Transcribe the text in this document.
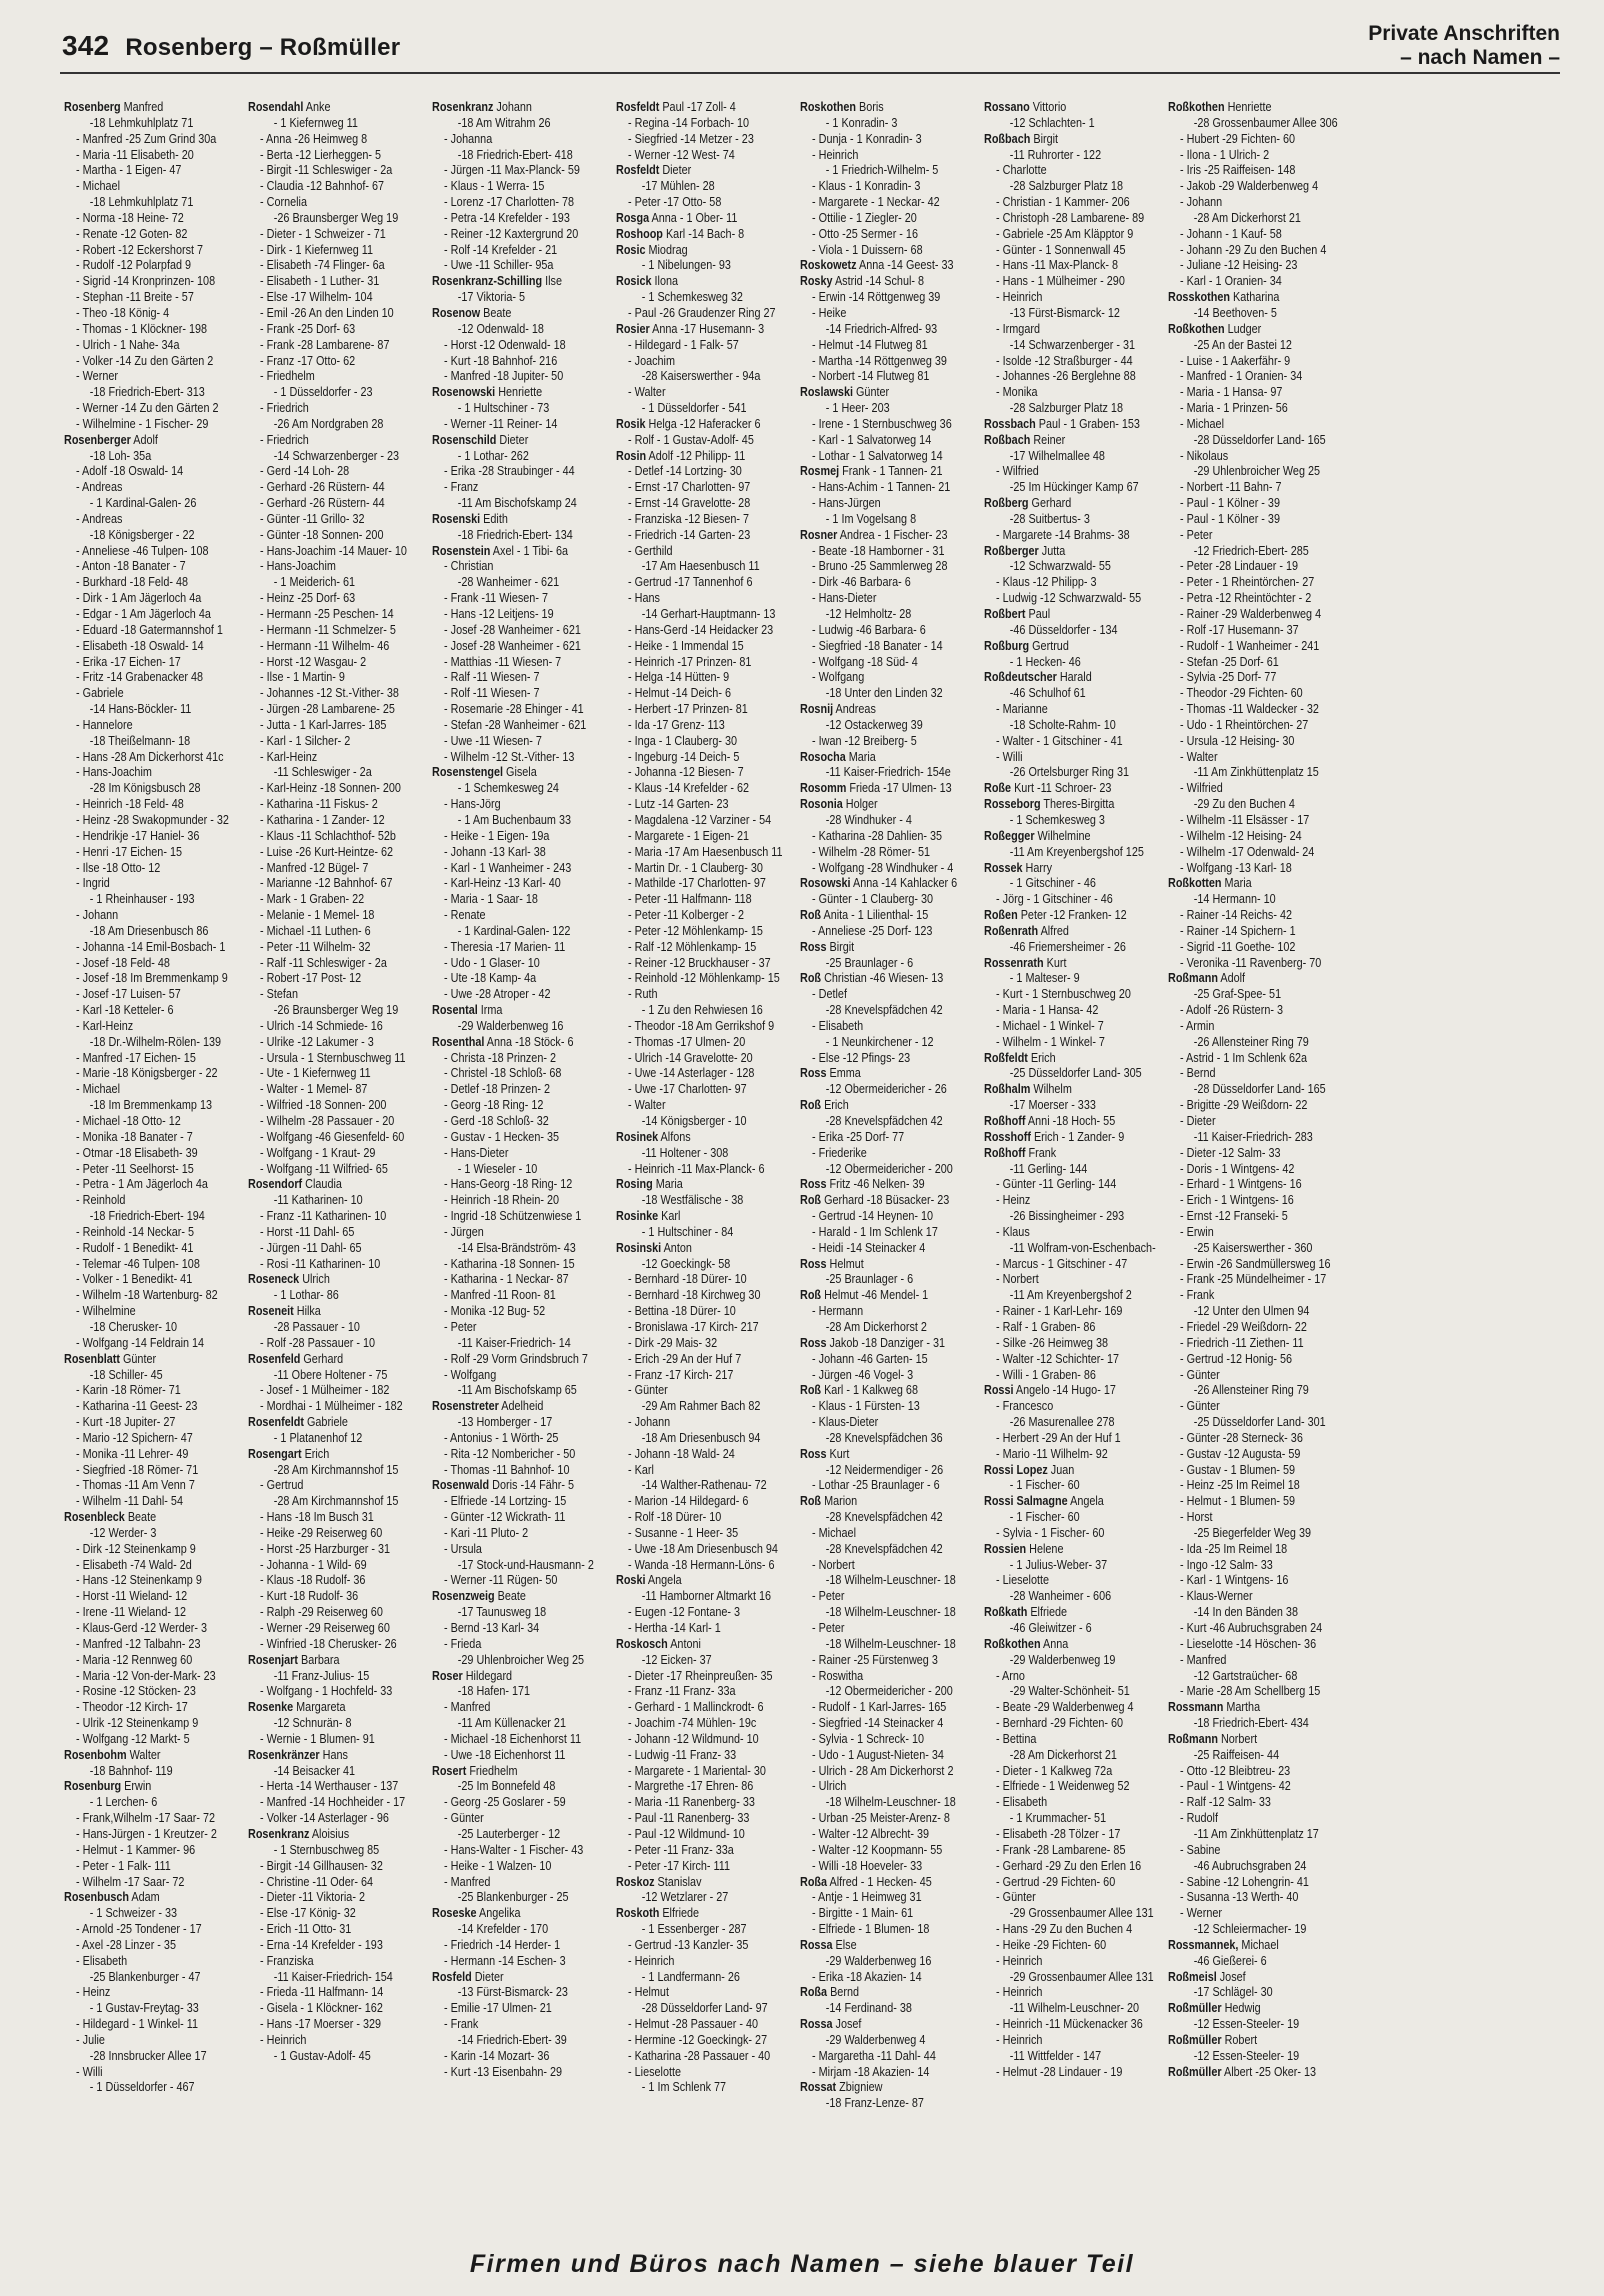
342 Rosenberg – Roßmüller
Private Anschriften
– nach Namen –
Rosenberg Manfred
-18 Lehmkuhlplatz 71
- Manfred -25 Zum Grind 30a
- Maria -11 Elisabeth- 20
- Martha - 1 Eigen- 47
- Michael
-18 Lehmkuhlplatz 71
- Norma -18 Heine- 72
- Renate -12 Goten- 82
- Robert -12 Eckershorst 7
- Rudolf -12 Polarpfad 9
- Sigrid -14 Kronprinzen- 108
- Stephan -11 Breite - 57
- Theo -18 König- 4
- Thomas - 1 Klöckner- 198
- Ulrich - 1 Nahe- 34a
- Volker -14 Zu den Gärten 2
- Werner
-18 Friedrich-Ebert- 313
- Werner -14 Zu den Gärten 2
- Wilhelmine - 1 Fischer- 29
Rosenberger Adolf
-18 Loh- 35a
- Adolf -18 Oswald- 14
- Andreas
- 1 Kardinal-Galen- 26
- Andreas
-18 Königsberger - 22
- Anneliese -46 Tulpen- 108
- Anton -18 Banater - 7
- Burkhard -18 Feld- 48
- Dirk - 1 Am Jägerloch 4a
- Edgar - 1 Am Jägerloch 4a
- Eduard -18 Gatermannshof 1
- Elisabeth -18 Oswald- 14
- Erika -17 Eichen- 17
- Fritz -14 Grabenacker 48
- Gabriele
-14 Hans-Böckler- 11
- Hannelore
-18 Theißelmann- 18
- Hans -28 Am Dickerhorst 41c
- Hans-Joachim
-28 Im Königsbusch 28
- Heinrich -18 Feld- 48
- Heinz -28 Swakopmunder - 32
- Hendrikje -17 Haniel- 36
- Henri -17 Eichen- 15
- Ilse -18 Otto- 12
- Ingrid
- 1 Rheinhauser - 193
- Johann
-18 Am Driesenbusch 86
- Johanna -14 Emil-Bosbach- 1
- Josef -18 Feld- 48
- Josef -18 Im Bremmenkamp 9
- Josef -17 Luisen- 57
- Karl -18 Ketteler- 6
- Karl-Heinz
-18 Dr.-Wilhelm-Rölen- 139
- Manfred -17 Eichen- 15
- Marie -18 Königsberger - 22
- Michael
-18 Im Bremmenkamp 13
- Michael -18 Otto- 12
- Monika -18 Banater - 7
- Otmar -18 Elisabeth- 39
- Peter -11 Seelhorst- 15
- Petra - 1 Am Jägerloch 4a
- Reinhold
-18 Friedrich-Ebert- 194
- Reinhold -14 Neckar- 5
- Rudolf - 1 Benedikt- 41
- Telemar -46 Tulpen- 108
- Volker - 1 Benedikt- 41
- Wilhelm -18 Wartenburg- 82
- Wilhelmine
-18 Cherusker- 10
- Wolfgang -14 Feldrain 14
Rosenblatt Günter
-18 Schiller- 45
- Karin -18 Römer- 71
- Katharina -11 Geest- 23
- Kurt -18 Jupiter- 27
- Mario -12 Spichern- 47
- Monika -11 Lehrer- 49
- Siegfried -18 Römer- 71
- Thomas -11 Am Venn 7
- Wilhelm -11 Dahl- 54
Rosenbleck Beate
-12 Werder- 3
- Dirk -12 Steinenkamp 9
- Elisabeth -74 Wald- 2d
- Hans -12 Steinenkamp 9
- Horst -11 Wieland- 12
- Irene -11 Wieland- 12
- Klaus-Gerd -12 Werder- 3
- Manfred -12 Talbahn- 23
- Maria -12 Rennweg 60
- Maria -12 Von-der-Mark- 23
- Rosine -12 Stöcken- 23
- Theodor -12 Kirch- 17
- Ulrik -12 Steinenkamp 9
- Wolfgang -12 Markt- 5
Rosenbohm Walter
-18 Bahnhof- 119
Rosenburg Erwin
- 1 Lerchen- 6
- Frank,Wilhelm -17 Saar- 72
- Hans-Jürgen - 1 Kreutzer- 2
- Helmut - 1 Kammer- 96
- Peter - 1 Falk- 111
- Wilhelm -17 Saar- 72
Rosenbusch Adam
- 1 Schweizer - 33
- Arnold -25 Tondener - 17
- Axel -28 Linzer - 35
- Elisabeth
-25 Blankenburger - 47
- Heinz
- 1 Gustav-Freytag- 33
- Hildegard - 1 Winkel- 11
- Julie
-28 Innsbrucker Allee 17
- Willi
- 1 Düsseldorfer - 467
Rosendahl Anke
- 1 Kiefernweg 11
- Anna -26 Heimweg 8
- Berta -12 Lierheggen- 5
- Birgit -11 Schleswiger - 2a
- Claudia -12 Bahnhof- 67
- Cornelia
-26 Braunsberger Weg 19
- Dieter - 1 Schweizer - 71
- Dirk - 1 Kiefernweg 11
- Elisabeth -74 Flinger- 6a
- Elisabeth - 1 Luther- 31
- Else -17 Wilhelm- 104
- Emil -26 An den Linden 10
- Frank -25 Dorf- 63
- Frank -28 Lambarene- 87
- Franz -17 Otto- 62
- Friedhelm
- 1 Düsseldorfer - 23
- Friedrich
-26 Am Nordgraben 28
- Friedrich
-14 Schwarzenberger - 23
- Gerd -14 Loh- 28
- Gerhard -26 Rüstern- 44
- Gerhard -26 Rüstern- 44
- Günter -11 Grillo- 32
- Günter -18 Sonnen- 200
- Hans-Joachim -14 Mauer- 10
- Hans-Joachim
- 1 Meiderich- 61
- Heinz -25 Dorf- 63
- Hermann -25 Peschen- 14
- Hermann -11 Schmelzer- 5
- Hermann -11 Wilhelm- 46
- Horst -12 Wasgau- 2
- Ilse - 1 Martin- 9
- Johannes -12 St.-Vither- 38
- Jürgen -28 Lambarene- 25
- Jutta - 1 Karl-Jarres- 185
- Karl - 1 Silcher- 2
- Karl-Heinz
-11 Schleswiger - 2a
- Karl-Heinz -18 Sonnen- 200
- Katharina -11 Fiskus- 2
- Katharina - 1 Zander- 12
- Klaus -11 Schlachthof- 52b
- Luise -26 Kurt-Heintze- 62
- Manfred -12 Bügel- 7
- Marianne -12 Bahnhof- 67
- Mark - 1 Graben- 22
- Melanie - 1 Memel- 18
- Michael -11 Luthen- 6
- Peter -11 Wilhelm- 32
- Ralf -11 Schleswiger - 2a
- Robert -17 Post- 12
- Stefan
-26 Braunsberger Weg 19
- Ulrich -14 Schmiede- 16
- Ulrike -12 Lakumer - 3
- Ursula - 1 Sternbuschweg 11
- Ute - 1 Kiefernweg 11
- Walter - 1 Memel- 87
- Wilfried -18 Sonnen- 200
- Wilhelm -28 Passauer - 20
- Wolfgang -46 Giesenfeld- 60
- Wolfgang - 1 Kraut- 29
- Wolfgang -11 Wilfried- 65
Rosendorf Claudia
-11 Katharinen- 10
- Franz -11 Katharinen- 10
- Horst -11 Dahl- 65
- Jürgen -11 Dahl- 65
- Rosi -11 Katharinen- 10
Roseneck Ulrich
- 1 Lothar- 86
Roseneit Hilka
-28 Passauer - 10
- Rolf -28 Passauer - 10
Rosenfeld Gerhard
-11 Obere Holtener - 75
- Josef - 1 Mülheimer - 182
- Mordhai - 1 Mülheimer - 182
Rosenfeldt Gabriele
- 1 Platanenhof 12
Rosengart Erich
-28 Am Kirchmannshof 15
- Gertrud
-28 Am Kirchmannshof 15
- Hans -18 Im Busch 31
- Heike -29 Reiserweg 60
- Horst -25 Harzburger - 31
- Johanna - 1 Wild- 69
- Klaus -18 Rudolf- 36
- Kurt -18 Rudolf- 36
- Ralph -29 Reiserweg 60
- Werner -29 Reiserweg 60
- Winfried -18 Cherusker- 26
Rosenjart Barbara
-11 Franz-Julius- 15
- Wolfgang - 1 Hochfeld- 33
Rosenke Margareta
-12 Schnurän- 8
- Wernie - 1 Blumen- 91
Rosenkränzer Hans
-14 Beisacker 41
- Herta -14 Werthauser - 137
- Manfred -14 Hochheider - 17
- Volker -14 Asterlager - 96
Rosenkranz Aloisius
- 1 Sternbuschweg 85
- Birgit -14 Gillhausen- 32
- Christine -11 Oder- 64
- Dieter -11 Viktoria- 2
- Else -17 König- 32
- Erich -11 Otto- 31
- Erna -14 Krefelder - 193
- Franziska
-11 Kaiser-Friedrich- 154
- Frieda -11 Halfmann- 14
- Gisela - 1 Klöckner- 162
- Hans -17 Moerser - 329
- Heinrich
- 1 Gustav-Adolf- 45
Rosenkranz Johann
-18 Am Witrahm 26
- Johanna
-18 Friedrich-Ebert- 418
- Jürgen -11 Max-Planck- 59
- Klaus - 1 Werra- 15
- Lorenz -17 Charlotten- 78
- Petra -14 Krefelder - 193
- Reiner -12 Kaxtergrund 20
- Rolf -14 Krefelder - 21
- Uwe -11 Schiller- 95a
Rosenkranz-Schilling Ilse
-17 Viktoria- 5
Rosenow Beate
-12 Odenwald- 18
- Horst -12 Odenwald- 18
- Kurt -18 Bahnhof- 216
- Manfred -18 Jupiter- 50
Rosenowski Henriette
- 1 Hultschiner - 73
- Werner -11 Reiner- 14
Rosenschild Dieter
- 1 Lothar- 262
- Erika -28 Straubinger - 44
- Franz
-11 Am Bischofskamp 24
Rosenski Edith
-18 Friedrich-Ebert- 134
Rosenstein Axel - 1 Tibi- 6a
- Christian
-28 Wanheimer - 621
- Frank -11 Wiesen- 7
- Hans -12 Leitjens- 19
- Josef -28 Wanheimer - 621
- Josef -28 Wanheimer - 621
- Matthias -11 Wiesen- 7
- Ralf -11 Wiesen- 7
- Rolf -11 Wiesen- 7
- Rosemarie -28 Ehinger - 41
- Stefan -28 Wanheimer - 621
- Uwe -11 Wiesen- 7
- Wilhelm -12 St.-Vither- 13
Rosenstengel Gisela
- 1 Schemkesweg 24
- Hans-Jörg
- 1 Am Buchenbaum 33
- Heike - 1 Eigen- 19a
- Johann -13 Karl- 38
- Karl - 1 Wanheimer - 243
- Karl-Heinz -13 Karl- 40
- Maria - 1 Saar- 18
- Renate
- 1 Kardinal-Galen- 122
- Theresia -17 Marien- 11
- Udo - 1 Glaser- 10
- Ute -18 Kamp- 4a
- Uwe -28 Atroper - 42
Rosental Irma
-29 Walderbenweg 16
Rosenthal Anna -18 Stöck- 6
- Christa -18 Prinzen- 2
- Christel -18 Schloß- 68
- Detlef -18 Prinzen- 2
- Georg -18 Ring- 12
- Gerd -18 Schloß- 32
- Gustav - 1 Hecken- 35
- Hans-Dieter
- 1 Wieseler - 10
- Hans-Georg -18 Ring- 12
- Heinrich -18 Rhein- 20
- Ingrid -18 Schützenwiese 1
- Jürgen
-14 Elsa-Brändström- 43
- Katharina -18 Sonnen- 15
- Katharina - 1 Neckar- 87
- Manfred -11 Roon- 81
- Monika -12 Bug- 52
- Peter
-11 Kaiser-Friedrich- 14
- Rolf -29 Vorm Grindsbruch 7
- Wolfgang
-11 Am Bischofskamp 65
Rosenstreter Adelheid
-13 Homberger - 17
- Antonius - 1 Wörth- 25
- Rita -12 Nombericher - 50
- Thomas -11 Bahnhof- 10
Rosenwald Doris -14 Fähr- 5
- Elfriede -14 Lortzing- 15
- Günter -12 Wickrath- 11
- Kari -11 Pluto- 2
- Ursula
-17 Stock-und-Hausmann- 2
- Werner -11 Rügen- 50
Rosenzweig Beate
-17 Taunusweg 18
- Bernd -13 Karl- 34
- Frieda
-29 Uhlenbroicher Weg 25
Roser Hildegard
-18 Hafen- 171
- Manfred
-11 Am Küllenacker 21
- Michael -18 Eichenhorst 11
- Uwe -18 Eichenhorst 11
Rosert Friedhelm
-25 Im Bonnefeld 48
- Georg -25 Goslarer - 59
- Günter
-25 Lauterberger - 12
- Hans-Walter - 1 Fischer- 43
- Heike - 1 Walzen- 10
- Manfred
-25 Blankenburger - 25
Roseske Angelika
-14 Krefelder - 170
- Friedrich -14 Herder- 1
- Hermann -14 Eschen- 3
Rosfeld Dieter
-13 Fürst-Bismarck- 23
- Emilie -17 Ulmen- 21
- Frank
-14 Friedrich-Ebert- 39
- Karin -14 Mozart- 36
- Kurt -13 Eisenbahn- 29
Rosfeldt Paul -17 Zoll- 4
- Regina -14 Forbach- 10
- Siegfried -14 Metzer - 23
- Werner -12 West- 74
Rosfeldt Dieter
-17 Mühlen- 28
- Peter -17 Otto- 58
Rosga Anna - 1 Ober- 11
Roshoop Karl -14 Bach- 8
Rosic Miodrag
- 1 Nibelungen- 93
Rosick Ilona
- 1 Schemkesweg 32
- Paul -26 Graudenzer Ring 27
Rosier Anna -17 Husemann- 3
- Hildegard - 1 Falk- 57
- Joachim
-28 Kaiserswerther - 94a
- Walter
- 1 Düsseldorfer - 541
Rosik Helga -12 Haferacker 6
- Rolf - 1 Gustav-Adolf- 45
Rosin Adolf -12 Philipp- 11
- Detlef -14 Lortzing- 30
- Ernst -17 Charlotten- 97
- Ernst -14 Gravelotte- 28
- Franziska -12 Biesen- 7
- Friedrich -14 Garten- 23
- Gerthild
-17 Am Haesenbusch 11
- Gertrud -17 Tannenhof 6
- Hans
-14 Gerhart-Hauptmann- 13
- Hans-Gerd -14 Heidacker 23
- Heike - 1 Immendal 15
- Heinrich -17 Prinzen- 81
- Helga -14 Hütten- 9
- Helmut -14 Deich- 6
- Herbert -17 Prinzen- 81
- Ida -17 Grenz- 113
- Inga - 1 Clauberg- 30
- Ingeburg -14 Deich- 5
- Johanna -12 Biesen- 7
- Klaus -14 Krefelder - 62
- Lutz -14 Garten- 23
- Magdalena -12 Varziner - 54
- Margarete - 1 Eigen- 21
- Maria -17 Am Haesenbusch 11
- Martin Dr. - 1 Clauberg- 30
- Mathilde -17 Charlotten- 97
- Peter -11 Halfmann- 118
- Peter -11 Kolberger - 2
- Peter -12 Möhlenkamp- 15
- Ralf -12 Möhlenkamp- 15
- Reiner -12 Bruckhauser - 37
- Reinhold -12 Möhlenkamp- 15
- Ruth
- 1 Zu den Rehwiesen 16
- Theodor -18 Am Gerrikshof 9
- Thomas -17 Ulmen- 20
- Ulrich -14 Gravelotte- 20
- Uwe -14 Asterlager - 128
- Uwe -17 Charlotten- 97
- Walter
-14 Königsberger - 10
Rosinek Alfons
-11 Holtener - 308
- Heinrich -11 Max-Planck- 6
Rosing Maria
-18 Westfälische - 38
Rosinke Karl
- 1 Hultschiner - 84
Rosinski Anton
-12 Goeckingk- 58
- Bernhard -18 Dürer- 10
- Bernhard -18 Kirchweg 30
- Bettina -18 Dürer- 10
- Bronislawa -17 Kirch- 217
- Dirk -29 Mais- 32
- Erich -29 An der Huf 7
- Franz -17 Kirch- 217
- Günter
-29 Am Rahmer Bach 82
- Johann
-18 Am Driesenbusch 94
- Johann -18 Wald- 24
- Karl
-14 Walther-Rathenau- 72
- Marion -14 Hildegard- 6
- Rolf -18 Dürer- 10
- Susanne - 1 Heer- 35
- Uwe -18 Am Driesenbusch 94
- Wanda -18 Hermann-Löns- 6
Roski Angela
-11 Hamborner Altmarkt 16
- Eugen -12 Fontane- 3
- Hertha -14 Karl- 1
Roskosch Antoni
-12 Eicken- 37
- Dieter -17 Rheinpreußen- 35
- Franz -11 Franz- 33a
- Gerhard - 1 Mallinckrodt- 6
- Joachim -74 Mühlen- 19c
- Johann -12 Wildmund- 10
- Ludwig -11 Franz- 33
- Margarete - 1 Mariental- 30
- Margrethe -17 Ehren- 86
- Maria -11 Ranenberg- 33
- Paul -11 Ranenberg- 33
- Paul -12 Wildmund- 10
- Peter -11 Franz- 33a
- Peter -17 Kirch- 111
Roskoz Stanislav
-12 Wetzlarer - 27
Roskoth Elfriede
- 1 Essenberger - 287
- Gertrud -13 Kanzler- 35
- Heinrich
- 1 Landfermann- 26
- Helmut
-28 Düsseldorfer Land- 97
- Helmut -28 Passauer - 40
- Hermine -12 Goeckingk- 27
- Katharina -28 Passauer - 40
- Lieselotte
- 1 Im Schlenk 77
Roskothen Boris
- 1 Konradin- 3
- Dunja - 1 Konradin- 3
- Heinrich
- 1 Friedrich-Wilhelm- 5
- Klaus - 1 Konradin- 3
- Margarete - 1 Neckar- 42
- Ottilie - 1 Ziegler- 20
- Otto -25 Sermer - 16
- Viola - 1 Duissern- 68
Roskowetz Anna -14 Geest- 33
Rosky Astrid -14 Schul- 8
- Erwin -14 Röttgenweg 39
- Heike
-14 Friedrich-Alfred- 93
- Helmut -14 Flutweg 81
- Martha -14 Röttgenweg 39
- Norbert -14 Flutweg 81
Roslawski Günter
- 1 Heer- 203
- Irene - 1 Sternbuschweg 36
- Karl - 1 Salvatorweg 14
- Lothar - 1 Salvatorweg 14
Rosmej Frank - 1 Tannen- 21
- Hans-Achim - 1 Tannen- 21
- Hans-Jürgen
- 1 Im Vogelsang 8
Rosner Andrea - 1 Fischer- 23
- Beate -18 Hamborner - 31
- Bruno -25 Sammlerweg 28
- Dirk -46 Barbara- 6
- Hans-Dieter
-12 Helmholtz- 28
- Ludwig -46 Barbara- 6
- Siegfried -18 Banater - 14
- Wolfgang -18 Süd- 4
- Wolfgang
-18 Unter den Linden 32
Rosnij Andreas
-12 Ostackerweg 39
- Iwan -12 Breiberg- 5
Rosocha Maria
-11 Kaiser-Friedrich- 154e
Rosomm Frieda -17 Ulmen- 13
Rosonia Holger
-28 Windhuker - 4
- Katharina -28 Dahlien- 35
- Wilhelm -28 Römer- 51
- Wolfgang -28 Windhuker - 4
Rosowski Anna -14 Kahlacker 6
- Günter - 1 Clauberg- 30
Roß Anita - 1 Lilienthal- 15
- Anneliese -25 Dorf- 123
Ross Birgit
-25 Braunlager - 6
Roß Christian -46 Wiesen- 13
- Detlef
-28 Knevelspfädchen 42
- Elisabeth
- 1 Neunkirchener - 12
- Else -12 Pfings- 23
Ross Emma
-12 Obermeidericher - 26
Roß Erich
-28 Knevelspfädchen 42
- Erika -25 Dorf- 77
- Friederike
-12 Obermeidericher - 200
Ross Fritz -46 Nelken- 39
Roß Gerhard -18 Büsacker- 23
- Gertrud -14 Heynen- 10
- Harald - 1 Im Schlenk 17
- Heidi -14 Steinacker 4
Ross Helmut
-25 Braunlager - 6
Roß Helmut -46 Mendel- 1
- Hermann
-28 Am Dickerhorst 2
Ross Jakob -18 Danziger - 31
- Johann -46 Garten- 15
- Jürgen -46 Vogel- 3
Roß Karl - 1 Kalkweg 68
- Klaus - 1 Fürsten- 13
- Klaus-Dieter
-28 Knevelspfädchen 36
Ross Kurt
-12 Neidermendiger - 26
- Lothar -25 Braunlager - 6
Roß Marion
-28 Knevelspfädchen 42
- Michael
-28 Knevelspfädchen 42
- Norbert
-18 Wilhelm-Leuschner- 18
- Peter
-18 Wilhelm-Leuschner- 18
- Peter
-18 Wilhelm-Leuschner- 18
- Rainer -25 Fürstenweg 3
- Roswitha
-12 Obermeidericher - 200
- Rudolf - 1 Karl-Jarres- 165
- Siegfried -14 Steinacker 4
- Sylvia - 1 Schreck- 10
- Udo - 1 August-Nieten- 34
- Ulrich - 28 Am Dickerhorst 2
- Ulrich
-18 Wilhelm-Leuschner- 18
- Urban -25 Meister-Arenz- 8
- Walter -12 Albrecht- 39
- Walter -12 Koopmann- 55
- Willi -18 Hoeveler- 33
Roßa Alfred - 1 Hecken- 45
- Antje - 1 Heimweg 31
- Birgitte - 1 Main- 61
- Elfriede - 1 Blumen- 18
Rossa Else
-29 Walderbenweg 16
- Erika -18 Akazien- 14
Roßa Bernd
-14 Ferdinand- 38
Rossa Josef
-29 Walderbenweg 4
- Margaretha -11 Dahl- 44
- Mirjam -18 Akazien- 14
Rossat Zbigniew
-18 Franz-Lenze- 87
Rossano Vittorio
-12 Schlachten- 1
Roßbach Birgit
-11 Ruhrorter - 122
- Charlotte
-28 Salzburger Platz 18
- Christian - 1 Kammer- 206
- Christoph -28 Lambarene- 89
- Gabriele -25 Am Kläpptor 9
- Günter - 1 Sonnenwall 45
- Hans -11 Max-Planck- 8
- Hans - 1 Mülheimer - 290
- Heinrich
-13 Fürst-Bismarck- 12
- Irmgard
-14 Schwarzenberger - 31
- Isolde -12 Straßburger - 44
- Johannes -26 Berglehne 88
- Monika
-28 Salzburger Platz 18
Rossbach Paul - 1 Graben- 153
Roßbach Reiner
-17 Wilhelmallee 48
- Wilfried
-25 Im Hückinger Kamp 67
Roßberg Gerhard
-28 Suitbertus- 3
- Margarete -14 Brahms- 38
Roßberger Jutta
-12 Schwarzwald- 55
- Klaus -12 Philipp- 3
- Ludwig -12 Schwarzwald- 55
Roßbert Paul
-46 Düsseldorfer - 134
Roßburg Gertrud
- 1 Hecken- 46
Roßdeutscher Harald
-46 Schulhof 61
- Marianne
-18 Scholte-Rahm- 10
- Walter - 1 Gitschiner - 41
- Willi
-26 Ortelsburger Ring 31
Roße Kurt -11 Schroer- 23
Rosseborg Theres-Birgitta
- 1 Schemkesweg 3
Roßegger Wilhelmine
-11 Am Kreyenbergshof 125
Rossek Harry
- 1 Gitschiner - 46
- Jörg - 1 Gitschiner - 46
Roßen Peter -12 Franken- 12
Roßenrath Alfred
-46 Friemersheimer - 26
Rossenrath Kurt
- 1 Malteser- 9
- Kurt - 1 Sternbuschweg 20
- Maria - 1 Hansa- 42
- Michael - 1 Winkel- 7
- Wilhelm - 1 Winkel- 7
Roßfeldt Erich
-25 Düsseldorfer Land- 305
Roßhalm Wilhelm
-17 Moerser - 333
Roßhoff Anni -18 Hoch- 55
Rosshoff Erich - 1 Zander- 9
Roßhoff Frank
-11 Gerling- 144
- Günter -11 Gerling- 144
- Heinz
-26 Bissingheimer - 293
- Klaus
-11 Wolfram-von-Eschenbach-
- Marcus - 1 Gitschiner - 47
- Norbert
-11 Am Kreyenbergshof 2
- Rainer - 1 Karl-Lehr- 169
- Ralf - 1 Graben- 86
- Silke -26 Heimweg 38
- Walter -12 Schichter- 17
- Willi - 1 Graben- 86
Rossi Angelo -14 Hugo- 17
- Francesco
-26 Masurenallee 278
- Herbert -29 An der Huf 1
- Mario -11 Wilhelm- 92
Rossi Lopez Juan
- 1 Fischer- 60
Rossi Salmagne Angela
- 1 Fischer- 60
- Sylvia - 1 Fischer- 60
Rossien Helene
- 1 Julius-Weber- 37
- Lieselotte
-28 Wanheimer - 606
Roßkath Elfriede
-46 Gleiwitzer - 6
Roßkothen Anna
-29 Walderbenweg 19
- Arno
-29 Walter-Schönheit- 51
- Beate -29 Walderbenweg 4
- Bernhard -29 Fichten- 60
- Bettina
-28 Am Dickerhorst 21
- Dieter - 1 Kalkweg 72a
- Elfriede - 1 Weidenweg 52
- Elisabeth
- 1 Krummacher- 51
- Elisabeth -28 Tölzer - 17
- Frank -28 Lambarene- 85
- Gerhard -29 Zu den Erlen 16
- Gertrud -29 Fichten- 60
- Günter
-29 Grossenbaumer Allee 131
- Hans -29 Zu den Buchen 4
- Heike -29 Fichten- 60
- Heinrich
-29 Grossenbaumer Allee 131
- Heinrich
-11 Wilhelm-Leuschner- 20
- Heinrich -11 Mückenacker 36
- Heinrich
-11 Wittfelder - 147
- Helmut -28 Lindauer - 19
Roßkothen Henriette
-28 Grossenbaumer Allee 306
- Hubert -29 Fichten- 60
- Ilona - 1 Ulrich- 2
- Iris -25 Raiffeisen- 148
- Jakob -29 Walderbenweg 4
- Johann
-28 Am Dickerhorst 21
- Johann - 1 Kauf- 58
- Johann -29 Zu den Buchen 4
- Juliane -12 Heising- 23
- Karl - 1 Oranien- 34
Rosskothen Katharina
-14 Beethoven- 5
Roßkothen Ludger
-25 An der Bastei 12
- Luise - 1 Aakerfähr- 9
- Manfred - 1 Oranien- 34
- Maria - 1 Hansa- 97
- Maria - 1 Prinzen- 56
- Michael
-28 Düsseldorfer Land- 165
- Nikolaus
-29 Uhlenbroicher Weg 25
- Norbert -11 Bahn- 7
- Paul - 1 Kölner - 39
- Paul - 1 Kölner - 39
- Peter
-12 Friedrich-Ebert- 285
- Peter -28 Lindauer - 19
- Peter - 1 Rheintörchen- 27
- Petra -12 Rheintöchter - 2
- Rainer -29 Walderbenweg 4
- Rolf -17 Husemann- 37
- Rudolf - 1 Wanheimer - 241
- Stefan -25 Dorf- 61
- Sylvia -25 Dorf- 77
- Theodor -29 Fichten- 60
- Thomas -11 Waldecker - 32
- Udo - 1 Rheintörchen- 27
- Ursula -12 Heising- 30
- Walter
-11 Am Zinkhüttenplatz 15
- Wilfried
-29 Zu den Buchen 4
- Wilhelm -11 Elsässer - 17
- Wilhelm -12 Heising- 24
- Wilhelm -17 Odenwald- 24
- Wolfgang -13 Karl- 18
Roßkotten Maria
-14 Hermann- 10
- Rainer -14 Reichs- 42
- Rainer -14 Spichern- 1
- Sigrid -11 Goethe- 102
- Veronika -11 Ravenberg- 70
Roßmann Adolf
-25 Graf-Spee- 51
- Adolf -26 Rüstern- 3
- Armin
-26 Allensteiner Ring 79
- Astrid - 1 Im Schlenk 62a
- Bernd
-28 Düsseldorfer Land- 165
- Brigitte -29 Weißdorn- 22
- Dieter
-11 Kaiser-Friedrich- 283
- Dieter -12 Salm- 33
- Doris - 1 Wintgens- 42
- Erhard - 1 Wintgens- 16
- Erich - 1 Wintgens- 16
- Ernst -12 Franseki- 5
- Erwin
-25 Kaiserswerther - 360
- Erwin -26 Sandmüllersweg 16
- Frank -25 Mündelheimer - 17
- Frank
-12 Unter den Ulmen 94
- Friedel -29 Weißdorn- 22
- Friedrich -11 Ziethen- 11
- Gertrud -12 Honig- 56
- Günter
-26 Allensteiner Ring 79
- Günter
-25 Düsseldorfer Land- 301
- Günter -28 Sterneck- 36
- Gustav -12 Augusta- 59
- Gustav - 1 Blumen- 59
- Heinz -25 Im Reimel 18
- Helmut - 1 Blumen- 59
- Horst
-25 Biegerfelder Weg 39
- Ida -25 Im Reimel 18
- Ingo -12 Salm- 33
- Karl - 1 Wintgens- 16
- Klaus-Werner
-14 In den Bänden 38
- Kurt -46 Aubruchsgraben 24
- Lieselotte -14 Höschen- 36
- Manfred
-12 Gartstraücher- 68
- Marie -28 Am Schellberg 15
Rossmann Martha
-18 Friedrich-Ebert- 434
Roßmann Norbert
-25 Raiffeisen- 44
- Otto -12 Bleibtreu- 23
- Paul - 1 Wintgens- 42
- Ralf -12 Salm- 33
- Rudolf
-11 Am Zinkhüttenplatz 17
- Sabine
-46 Aubruchsgraben 24
- Sabine -12 Lohengrin- 41
- Susanna -13 Werth- 40
- Werner
-12 Schleiermacher- 19
Rossmannek, Michael
-46 Gießerei- 6
Roßmeisl Josef
-17 Schlägel- 30
Roßmüller Hedwig
-12 Essen-Steeler- 19
Roßmüller Robert
-12 Essen-Steeler- 19
Roßmüller Albert -25 Oker- 13
Firmen und Büros nach Namen – siehe blauer Teil
